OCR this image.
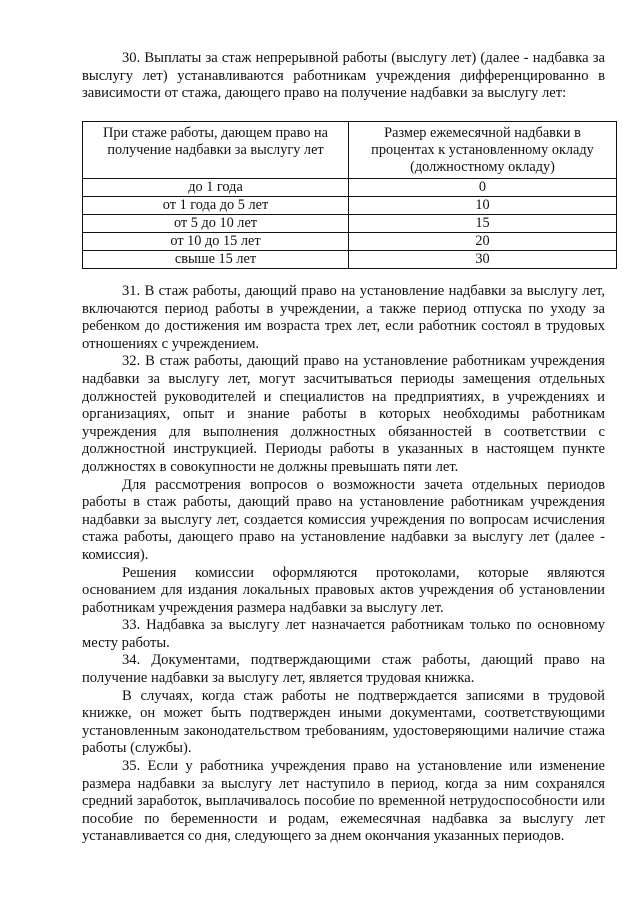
30. Выплаты за стаж непрерывной работы (выслугу лет) (далее - надбавка за выслугу лет) устанавливаются работникам учреждения дифференцированно в зависимости от стажа, дающего право на получение надбавки за выслугу лет:

При стаже работы, дающем право на получение надбавки за выслугу лет	Размер ежемесячной надбавки в процентах к установленному окладу (должностному окладу)
до 1 года	0
от 1 года до 5 лет	10
от 5 до 10 лет	15
от 10 до 15 лет	20
свыше 15 лет	30

31. В стаж работы, дающий право на установление надбавки за выслугу лет, включаются период работы в учреждении, а также период отпуска по уходу за ребенком до достижения им возраста трех лет, если работник состоял в трудовых отношениях с учреждением.

32. В стаж работы, дающий право на установление работникам учреждения надбавки за выслугу лет, могут засчитываться периоды замещения отдельных должностей руководителей и специалистов на предприятиях, в учреждениях и организациях, опыт и знание работы в которых необходимы работникам учреждения для выполнения должностных обязанностей в соответствии с должностной инструкцией. Периоды работы в указанных в настоящем пункте должностях в совокупности не должны превышать пяти лет.

Для рассмотрения вопросов о возможности зачета отдельных периодов работы в стаж работы, дающий право на установление работникам учреждения надбавки за выслугу лет, создается комиссия учреждения по вопросам исчисления стажа работы, дающего право на установление надбавки за выслугу лет (далее - комиссия).

Решения комиссии оформляются протоколами, которые являются основанием для издания локальных правовых актов учреждения об установлении работникам учреждения размера надбавки за выслугу лет.

33. Надбавка за выслугу лет назначается работникам только по основному месту работы.

34. Документами, подтверждающими стаж работы, дающий право на получение надбавки за выслугу лет, является трудовая книжка.

В случаях, когда стаж работы не подтверждается записями в трудовой книжке, он может быть подтвержден иными документами, соответствующими установленным законодательством требованиям, удостоверяющими наличие стажа работы (службы).

35. Если у работника учреждения право на установление или изменение размера надбавки за выслугу лет наступило в период, когда за ним сохранялся средний заработок, выплачивалось пособие по временной нетрудоспособности или пособие по беременности и родам, ежемесячная надбавка за выслугу лет устанавливается со дня, следующего за днем окончания указанных периодов.
